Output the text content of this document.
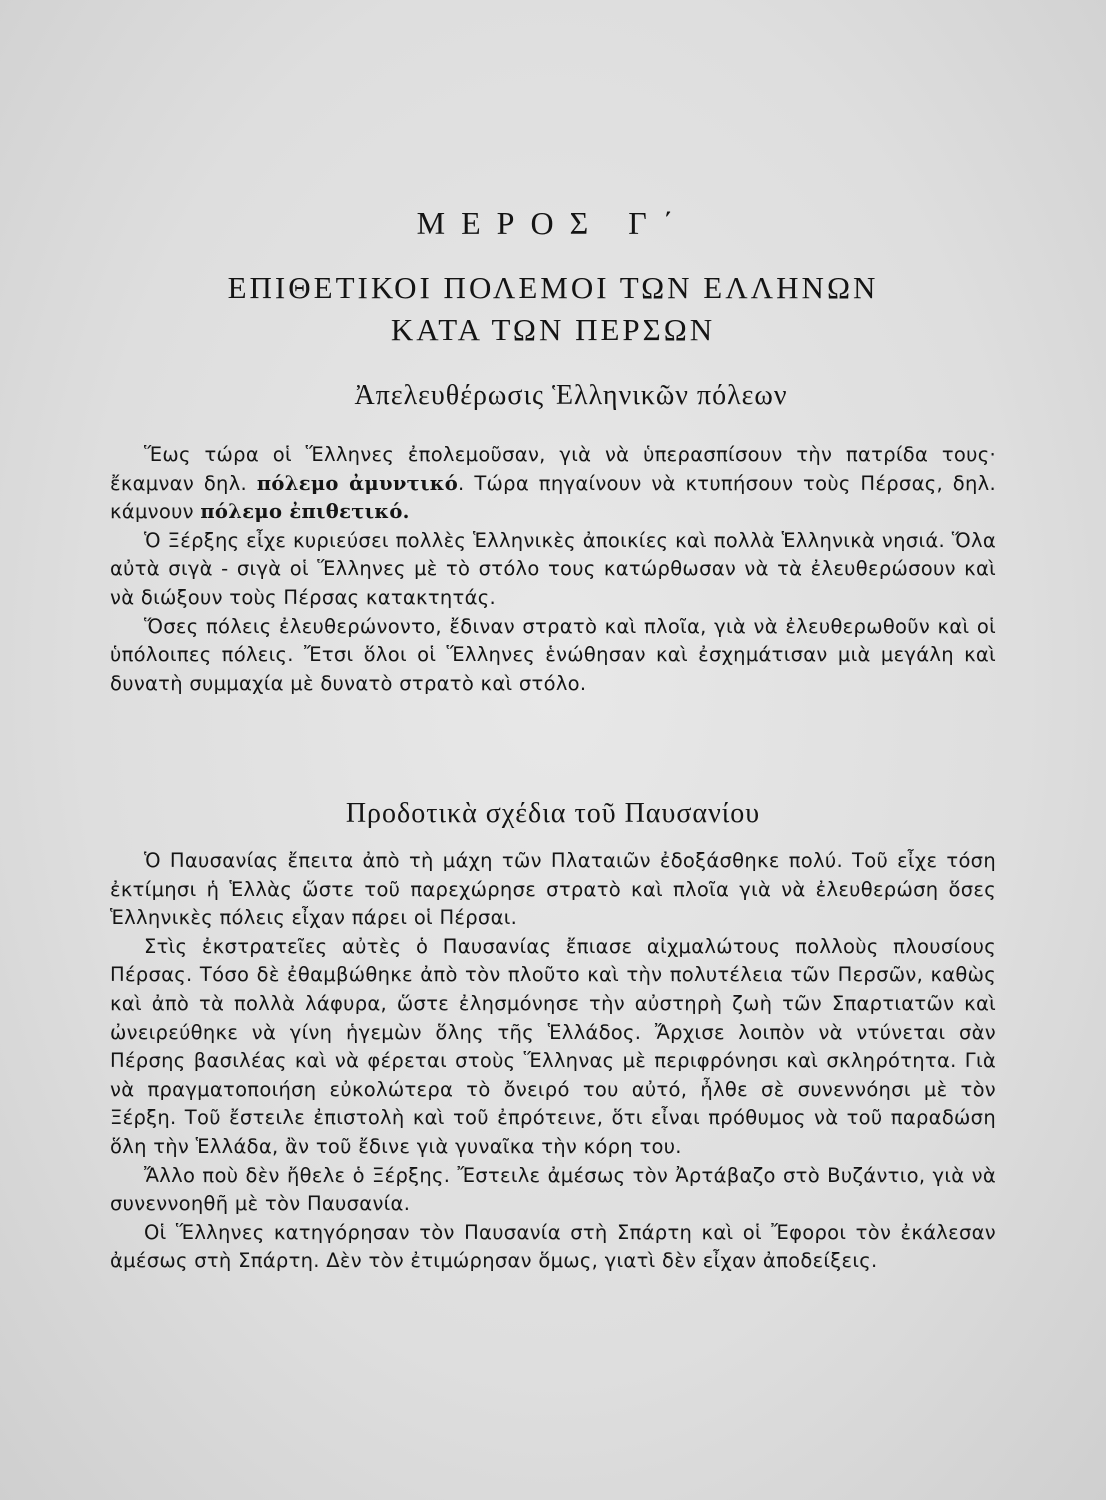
ΜΕΡΟΣ Γ΄
ΕΠΙΘΕΤΙΚΟΙ ΠΟΛΕΜΟΙ ΤΩΝ ΕΛΛΗΝΩΝ
ΚΑΤΑ ΤΩΝ ΠΕΡΣΩΝ
Ἀπελευθέρωσις Ἑλληνικῶν πόλεων

Ἕως τώρα οἱ Ἕλληνες ἐπολεμοῦσαν, γιὰ νὰ ὑπερασπίσουν τὴν πατρίδα τους· ἔκαμναν δηλ. πόλεμο ἀμυντικό. Τώρα πηγαίνουν νὰ κτυπήσουν τοὺς Πέρσας, δηλ. κάμνουν πόλεμο ἐπιθετικό.

Ὁ Ξέρξης εἶχε κυριεύσει πολλὲς Ἑλληνικὲς ἀποικίες καὶ πολλὰ Ἑλληνικὰ νησιά. Ὅλα αὐτὰ σιγὰ - σιγὰ οἱ Ἕλληνες μὲ τὸ στόλο τους κατώρθωσαν νὰ τὰ ἐλευθερώσουν καὶ νὰ διώξουν τοὺς Πέρσας κατακτητάς.

Ὅσες πόλεις ἐλευθερώνοντο, ἔδιναν στρατὸ καὶ πλοῖα, γιὰ νὰ ἐλευθερωθοῦν καὶ οἱ ὑπόλοιπες πόλεις. Ἔτσι ὅλοι οἱ Ἕλληνες ἑνώθησαν καὶ ἐσχημάτισαν μιὰ μεγάλη καὶ δυνατὴ συμμαχία μὲ δυνατὸ στρατὸ καὶ στόλο.

Προδοτικὰ σχέδια τοῦ Παυσανίου

Ὁ Παυσανίας ἔπειτα ἀπὸ τὴ μάχη τῶν Πλαταιῶν ἐδοξάσθηκε πολύ. Τοῦ εἶχε τόση ἐκτίμησι ἡ Ἑλλὰς ὥστε τοῦ παρεχώρησε στρατὸ καὶ πλοῖα γιὰ νὰ ἐλευθερώση ὅσες Ἑλληνικὲς πόλεις εἶχαν πάρει οἱ Πέρσαι.

Στὶς ἐκστρατεῖες αὐτὲς ὁ Παυσανίας ἔπιασε αἰχμαλώτους πολλοὺς πλουσίους Πέρσας. Τόσο δὲ ἐθαμβώθηκε ἀπὸ τὸν πλοῦτο καὶ τὴν πολυτέλεια τῶν Περσῶν, καθὼς καὶ ἀπὸ τὰ πολλὰ λάφυρα, ὥστε ἐλησμόνησε τὴν αὐστηρὴ ζωὴ τῶν Σπαρτιατῶν καὶ ὠνειρεύθηκε νὰ γίνη ἡγεμὼν ὅλης τῆς Ἑλλάδος. Ἄρχισε λοιπὸν νὰ ντύνεται σὰν Πέρσης βασιλέας καὶ νὰ φέρεται στοὺς Ἕλληνας μὲ περιφρόνησι καὶ σκληρότητα. Γιὰ νὰ πραγματοποιήση εὐκολώτερα τὸ ὄνειρό του αὐτό, ἦλθε σὲ συνεννόησι μὲ τὸν Ξέρξη. Τοῦ ἔστειλε ἐπιστολὴ καὶ τοῦ ἐπρότεινε, ὅτι εἶναι πρόθυμος νὰ τοῦ παραδώση ὅλη τὴν Ἑλλάδα, ἂν τοῦ ἔδινε γιὰ γυναῖκα τὴν κόρη του.

Ἄλλο ποὺ δὲν ἤθελε ὁ Ξέρξης. Ἔστειλε ἀμέσως τὸν Ἀρτάβαζο στὸ Βυζάντιο, γιὰ νὰ συνεννοηθῆ μὲ τὸν Παυσανία.

Οἱ Ἕλληνες κατηγόρησαν τὸν Παυσανία στὴ Σπάρτη καὶ οἱ Ἔφοροι τὸν ἐκάλεσαν ἀμέσως στὴ Σπάρτη. Δὲν τὸν ἐτιμώρησαν ὅμως, γιατὶ δὲν εἶχαν ἀποδείξεις.
